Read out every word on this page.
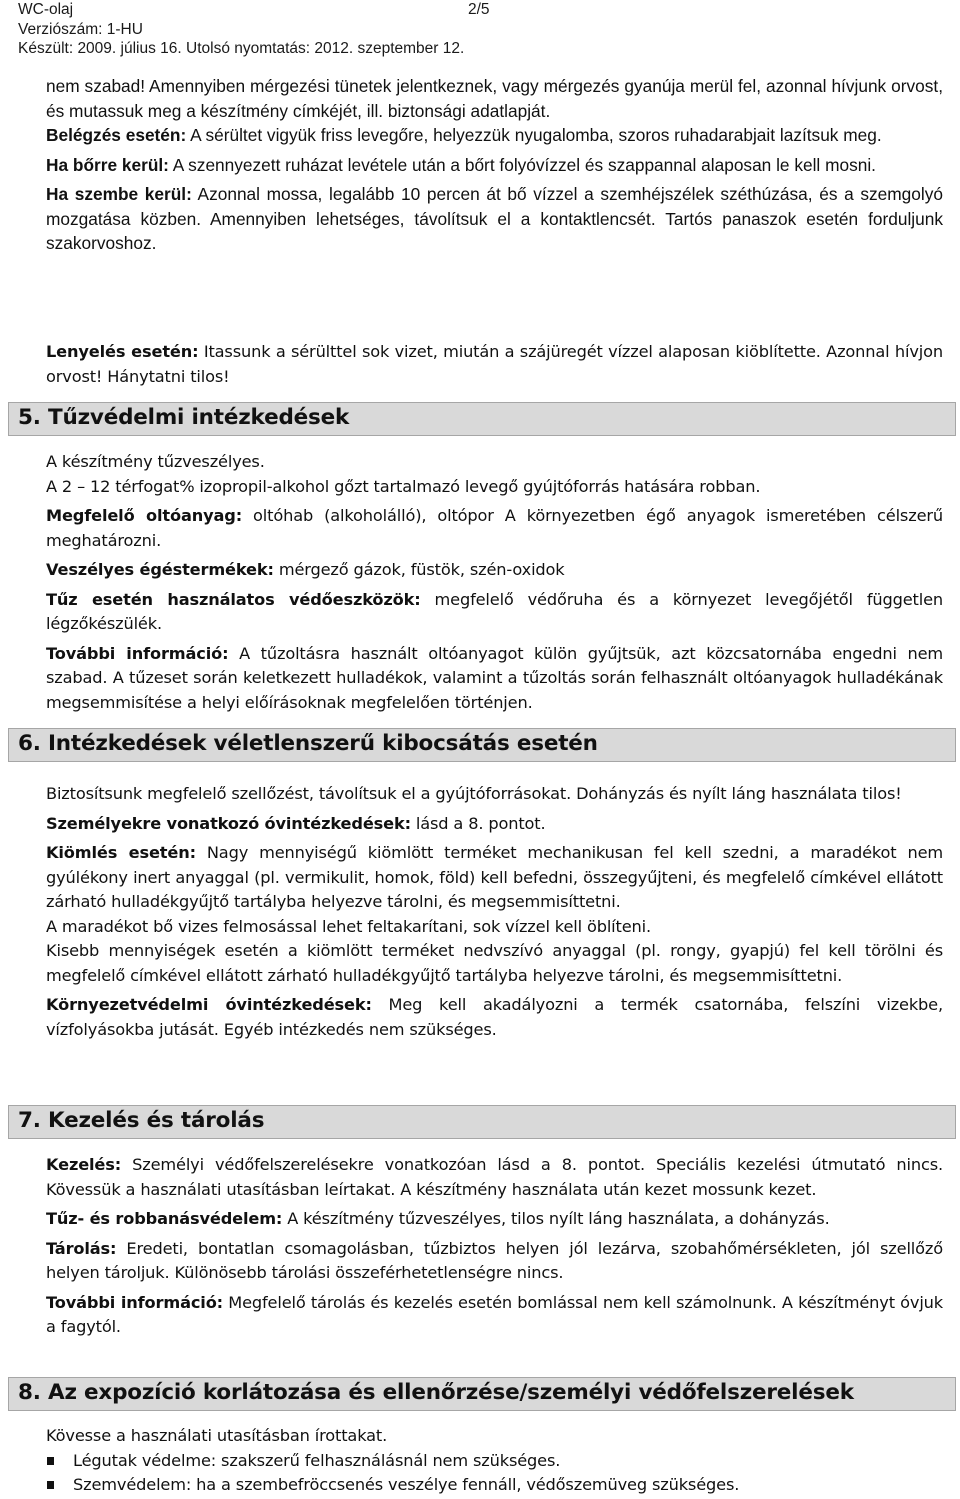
WC-olaj	2/5
Verziószám: 1-HU
Készült: 2009. július 16. Utolsó nyomtatás: 2012. szeptember 12.

nem szabad! Amennyiben mérgezési tünetek jelentkeznek, vagy mérgezés gyanúja merül fel, azonnal hívjunk orvost, és mutassuk meg a készítmény címkéjét, ill. biztonsági adatlapját.

Belégzés esetén: A sérültet vigyük friss levegőre, helyezzük nyugalomba, szoros ruhadarabjait lazítsuk meg.

Ha bőrre kerül: A szennyezett ruházat levétele után a bőrt folyóvízzel és szappannal alaposan le kell mosni.

Ha szembe kerül: Azonnal mossa, legalább 10 percen át bő vízzel a szemhéjszélek széthúzása, és a szemgolyó mozgatása közben. Amennyiben lehetséges, távolítsuk el a kontaktlencsét. Tartós panaszok esetén forduljunk szakorvoshoz.

Lenyelés esetén: Itassunk a sérülttel sok vizet, miután a szájüregét vízzel alaposan kiöblítette. Azonnal hívjon orvost! Hánytatni tilos!

5. Tűzvédelmi intézkedések

A készítmény tűzveszélyes.

A 2 – 12 térfogat% izopropil-alkohol gőzt tartalmazó levegő gyújtóforrás hatására robban.

Megfelelő oltóanyag: oltóhab (alkoholálló), oltópor A környezetben égő anyagok ismeretében célszerű meghatározni.

Veszélyes égéstermékek: mérgező gázok, füstök, szén-oxidok

Tűz esetén használatos védőeszközök: megfelelő védőruha és a környezet levegőjétől független légzőkészülék.

További információ: A tűzoltásra használt oltóanyagot külön gyűjtsük, azt közcsatornába engedni nem szabad. A tűzeset során keletkezett hulladékok, valamint a tűzoltás során felhasznált oltóanyagok hulladékának megsemmisítése a helyi előírásoknak megfelelően történjen.

6. Intézkedések véletlenszerű kibocsátás esetén

Biztosítsunk megfelelő szellőzést, távolítsuk el a gyújtóforrásokat. Dohányzás és nyílt láng használata tilos!

Személyekre vonatkozó óvintézkedések: lásd a 8. pontot.

Kiömlés esetén: Nagy mennyiségű kiömlött terméket mechanikusan fel kell szedni, a maradékot nem gyúlékony inert anyaggal (pl. vermikulit, homok, föld) kell befedni, összegyűjteni, és megfelelő címkével ellátott zárható hulladékgyűjtő tartályba helyezve tárolni, és megsemmisíttetni.

A maradékot bő vizes felmosással lehet feltakarítani, sok vízzel kell öblíteni.

Kisebb mennyiségek esetén a kiömlött terméket nedvszívó anyaggal (pl. rongy, gyapjú) fel kell törölni és megfelelő címkével ellátott zárható hulladékgyűjtő tartályba helyezve tárolni, és megsemmisíttetni.

Környezetvédelmi óvintézkedések: Meg kell akadályozni a termék csatornába, felszíni vizekbe, vízfolyásokba jutását. Egyéb intézkedés nem szükséges.

7. Kezelés és tárolás

Kezelés: Személyi védőfelszerelésekre vonatkozóan lásd a 8. pontot. Speciális kezelési útmutató nincs. Kövessük a használati utasításban leírtakat. A készítmény használata után kezet mossunk kezet.

Tűz- és robbanásvédelem: A készítmény tűzveszélyes, tilos nyílt láng használata, a dohányzás.

Tárolás: Eredeti, bontatlan csomagolásban, tűzbiztos helyen jól lezárva, szobahőmérsékleten, jól szellőző helyen tároljuk. Különösebb tárolási összeférhetetlenségre nincs.

További információ: Megfelelő tárolás és kezelés esetén bomlással nem kell számolnunk. A készítményt óvjuk a fagytól.

8. Az expozíció korlátozása és ellenőrzése/személyi védőfelszerelések

Kövesse a használati utasításban írottakat.

Légutak védelme: szakszerű felhasználásnál nem szükséges.
Szemvédelem: ha a szembefröccsenés veszélye fennáll, védőszemüveg szükséges.
